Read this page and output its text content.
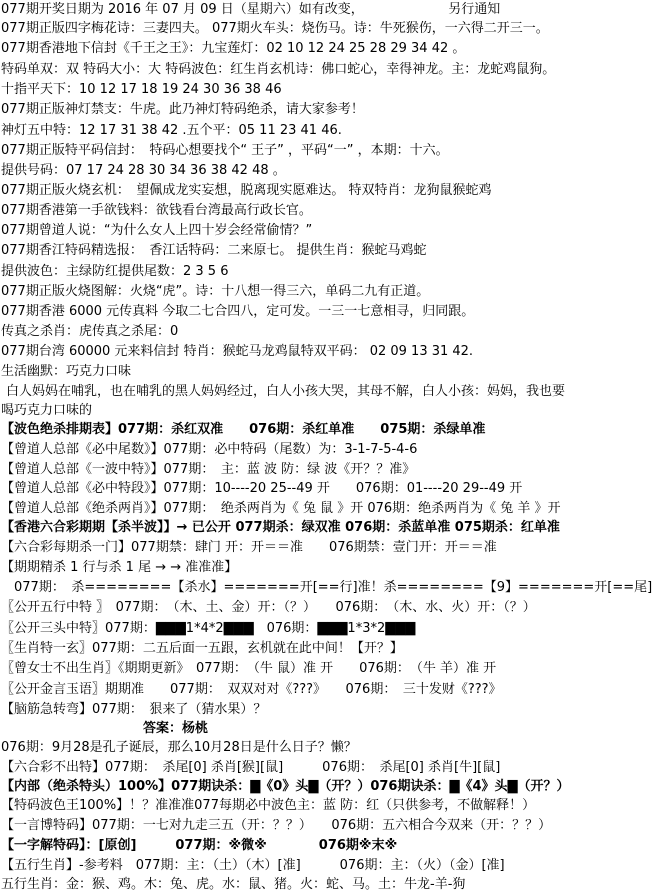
077期开奖日期为 2016 年 07 月 09 日（星期六）如有改变，　　　　　　　另行通知
077期正版四字梅花诗：三妻四夫。 077期火车头：烧伤马。诗：牛死猴伤，一六得二开三一。
077期香港地下信封《千王之王》：九宝莲灯：02 10 12 24 25 28 29 34 42 。
特码单双：双 特码大小：大 特码波色：红生肖玄机诗：佛口蛇心，幸得神龙。主：龙蛇鸡鼠狗。
十指平天下：10 12 17 18 19 24 30 36 38 46
077期正版神灯禁支：牛虎。此乃神灯特码绝杀，请大家参考！
神灯五中特：12 17 31 38 42 .五个平：05 11 23 41 46.
077期正版特平码信封：　特码心想要找个“ 王子” ，平码“一” ，本期：十六。
提供号码：07 17 24 28 30 34 36 38 42 48 。
077期正版火烧玄机：　望佩成龙实妄想，脱离现实愿难达。 特双特肖：龙狗鼠猴蛇鸡
077期香港第一手欲钱料：欲钱看台湾最高行政长官。
077期曾道人说：“为什么女人上四十岁会经常偷情？”
077期香江特码精选报：　香江话特码：二来原七。 提供生肖：猴蛇马鸡蛇
提供波色：主绿防红提供尾数：2 3 5 6
077期正版火烧图解：火烧“虎”。诗：十八想一得三六，单码二九有正道。
077期香港 6000 元传真料 今取二七合四八，定可发。一三一七意相寻，归同跟。
传真之杀肖：虎传真之杀尾：0
077期台湾 60000 元来料信封 特肖：猴蛇马龙鸡鼠特双平码： 02 09 13 31 42.
生活幽默：巧克力口味
白人妈妈在哺乳，也在哺乳的黑人妈妈经过，白人小孩大哭，其母不解，白人小孩：妈妈，我也要
喝巧克力口味的
【波色绝杀排期表】077期：杀红双准　　076期：杀红单准　　075期：杀绿单准
【曾道人总部《必中尾数》】077期：必中特码（尾数）为：3-1-7-5-4-6
【曾道人总部《一波中特》】077期：　主：蓝 波 防：绿 波《开？？准》
【曾道人总部《必中特段》】077期：10----20 25--49 开　　076期：01----20 29--49 开
【曾道人总部《绝杀两肖》】077期：　绝杀两肖为《 兔 鼠 》开 076期：绝杀两肖为《 兔 羊 》开
【香港六合彩期期【杀半波】】→ 已公开 077期杀：绿双准 076期：杀蓝单准 075期杀：红单准
【六合彩每期杀一门】077期禁：肆门 开：开＝＝准　　076期禁：壹门开：开＝＝准
【期期精杀 1 行与杀 1 尾 → → 准准准】
　077期：　杀========【杀水】=======开[==行]准！杀========【9】=======开[==尾]
〖公开五行中特 〗　077期：　（木、土、金）开：（？）　　076期：　（木、水、火）开：（？）
〖公开三头中特〗077期：▇▇▇1*4*2▇▇▇　076期：▇▇▇1*3*2▇▇▇
〖生肖特一玄〗077期：二五后面一五跟，玄机就在此中间！【开？】
〖曾女士不出生肖〗《期期更新》　077期：　（牛 鼠）准 开　　076期：　（牛 羊）准 开
〖公开金言玉语〗期期准　　077期：　双双对对《???》　　076期：　三十发财《???》
【脑筋急转弯】077期：　狠来了（猜水果）？
答案：杨桃
076期：9月28是孔子诞辰，那么10月28日是什么日子？懒？
【六合彩不出特】077期：　杀尾[0] 杀肖[猴][鼠]　　　076期：　杀尾[0] 杀肖[牛][鼠]
【内部（绝杀特头）100%】077期诀杀：▇《0》头▇（开？）076期诀杀：▇《4》头▇（开？）
【特码波色王100%】！？准准准077每期必中波色主：蓝 防：红（只供参考，不做解释！）
【一言博特码】077期：一七对九走三五（开：？？）　　076期：五六相合今双来（开：？？）
【一字解特码】：[原创]　　　077期：※微※　　　　076期※末※
【五行生肖】-参考料　077期：主：（土）（木）[准]　　　076期：主：（火）（金）[准]
五行生肖：金：猴、鸡。木：兔、虎。水：鼠、猪。火：蛇、马。土：牛龙-羊-狗
